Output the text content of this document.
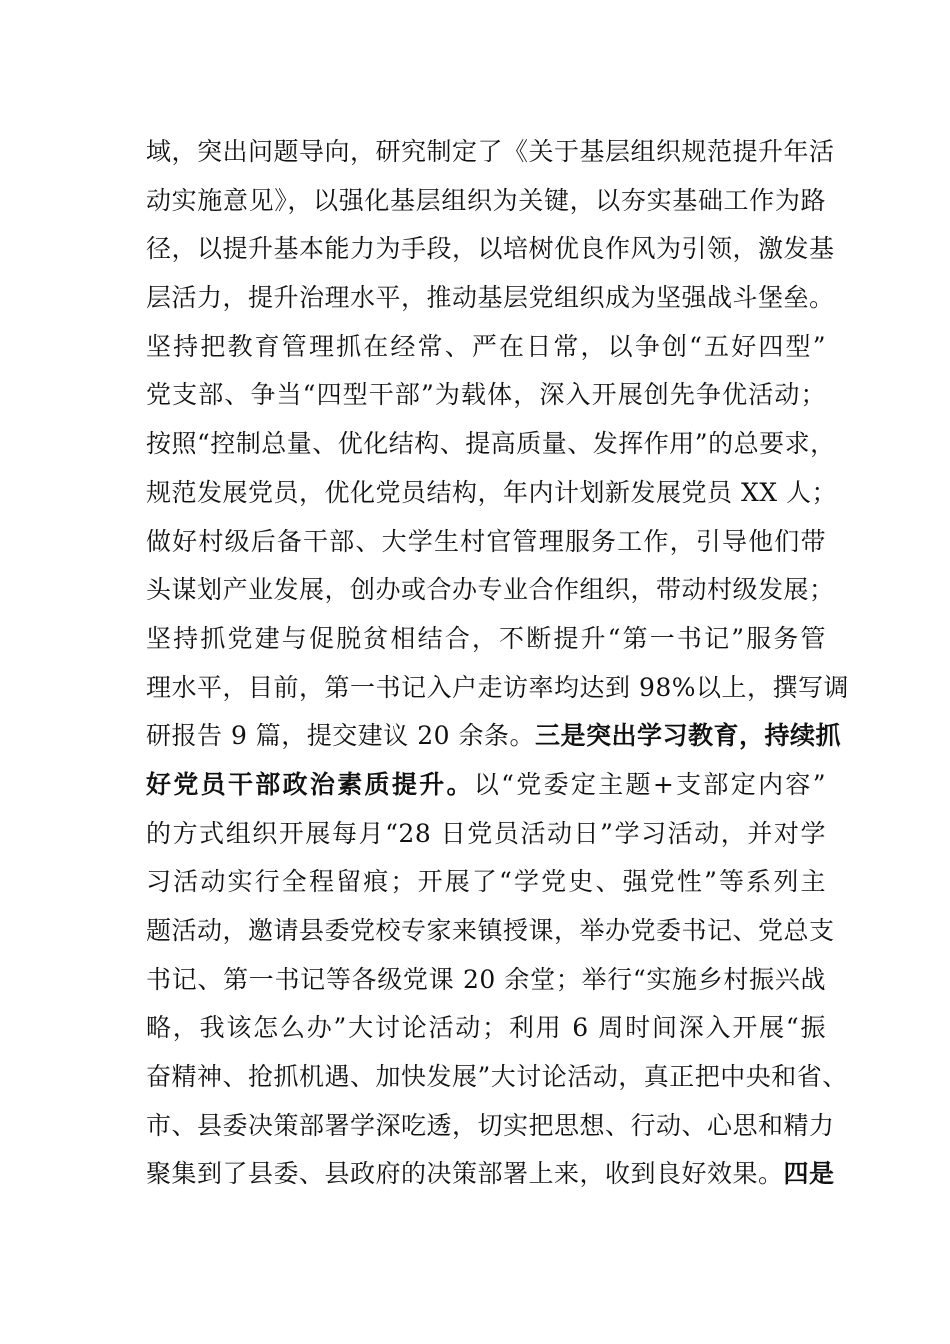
域，突出问题导向，研究制定了《关于基层组织规范提升年活
动实施意见》，以强化基层组织为关键，以夯实基础工作为路
径，以提升基本能力为手段，以培树优良作风为引领，激发基
层活力，提升治理水平，推动基层党组织成为坚强战斗堡垒。
坚持把教育管理抓在经常、严在日常，以争创“五好四型”
党支部、争当“四型干部”为载体，深入开展创先争优活动；
按照“控制总量、优化结构、提高质量、发挥作用”的总要求，
规范发展党员，优化党员结构，年内计划新发展党员 XX 人；
做好村级后备干部、大学生村官管理服务工作，引导他们带
头谋划产业发展，创办或合办专业合作组织，带动村级发展；
坚持抓党建与促脱贫相结合，不断提升“第一书记”服务管
理水平，目前，第一书记入户走访率均达到 98%以上，撰写调
研报告 9 篇，提交建议 20 余条。三是突出学习教育，持续抓
好党员干部政治素质提升。以“党委定主题+支部定内容”
的方式组织开展每月“28 日党员活动日”学习活动，并对学
习活动实行全程留痕；开展了“学党史、强党性”等系列主
题活动，邀请县委党校专家来镇授课，举办党委书记、党总支
书记、第一书记等各级党课 20 余堂；举行“实施乡村振兴战
略，我该怎么办”大讨论活动；利用 6 周时间深入开展“振
奋精神、抢抓机遇、加快发展”大讨论活动，真正把中央和省、
市、县委决策部署学深吃透，切实把思想、行动、心思和精力
聚集到了县委、县政府的决策部署上来，收到良好效果。四是
